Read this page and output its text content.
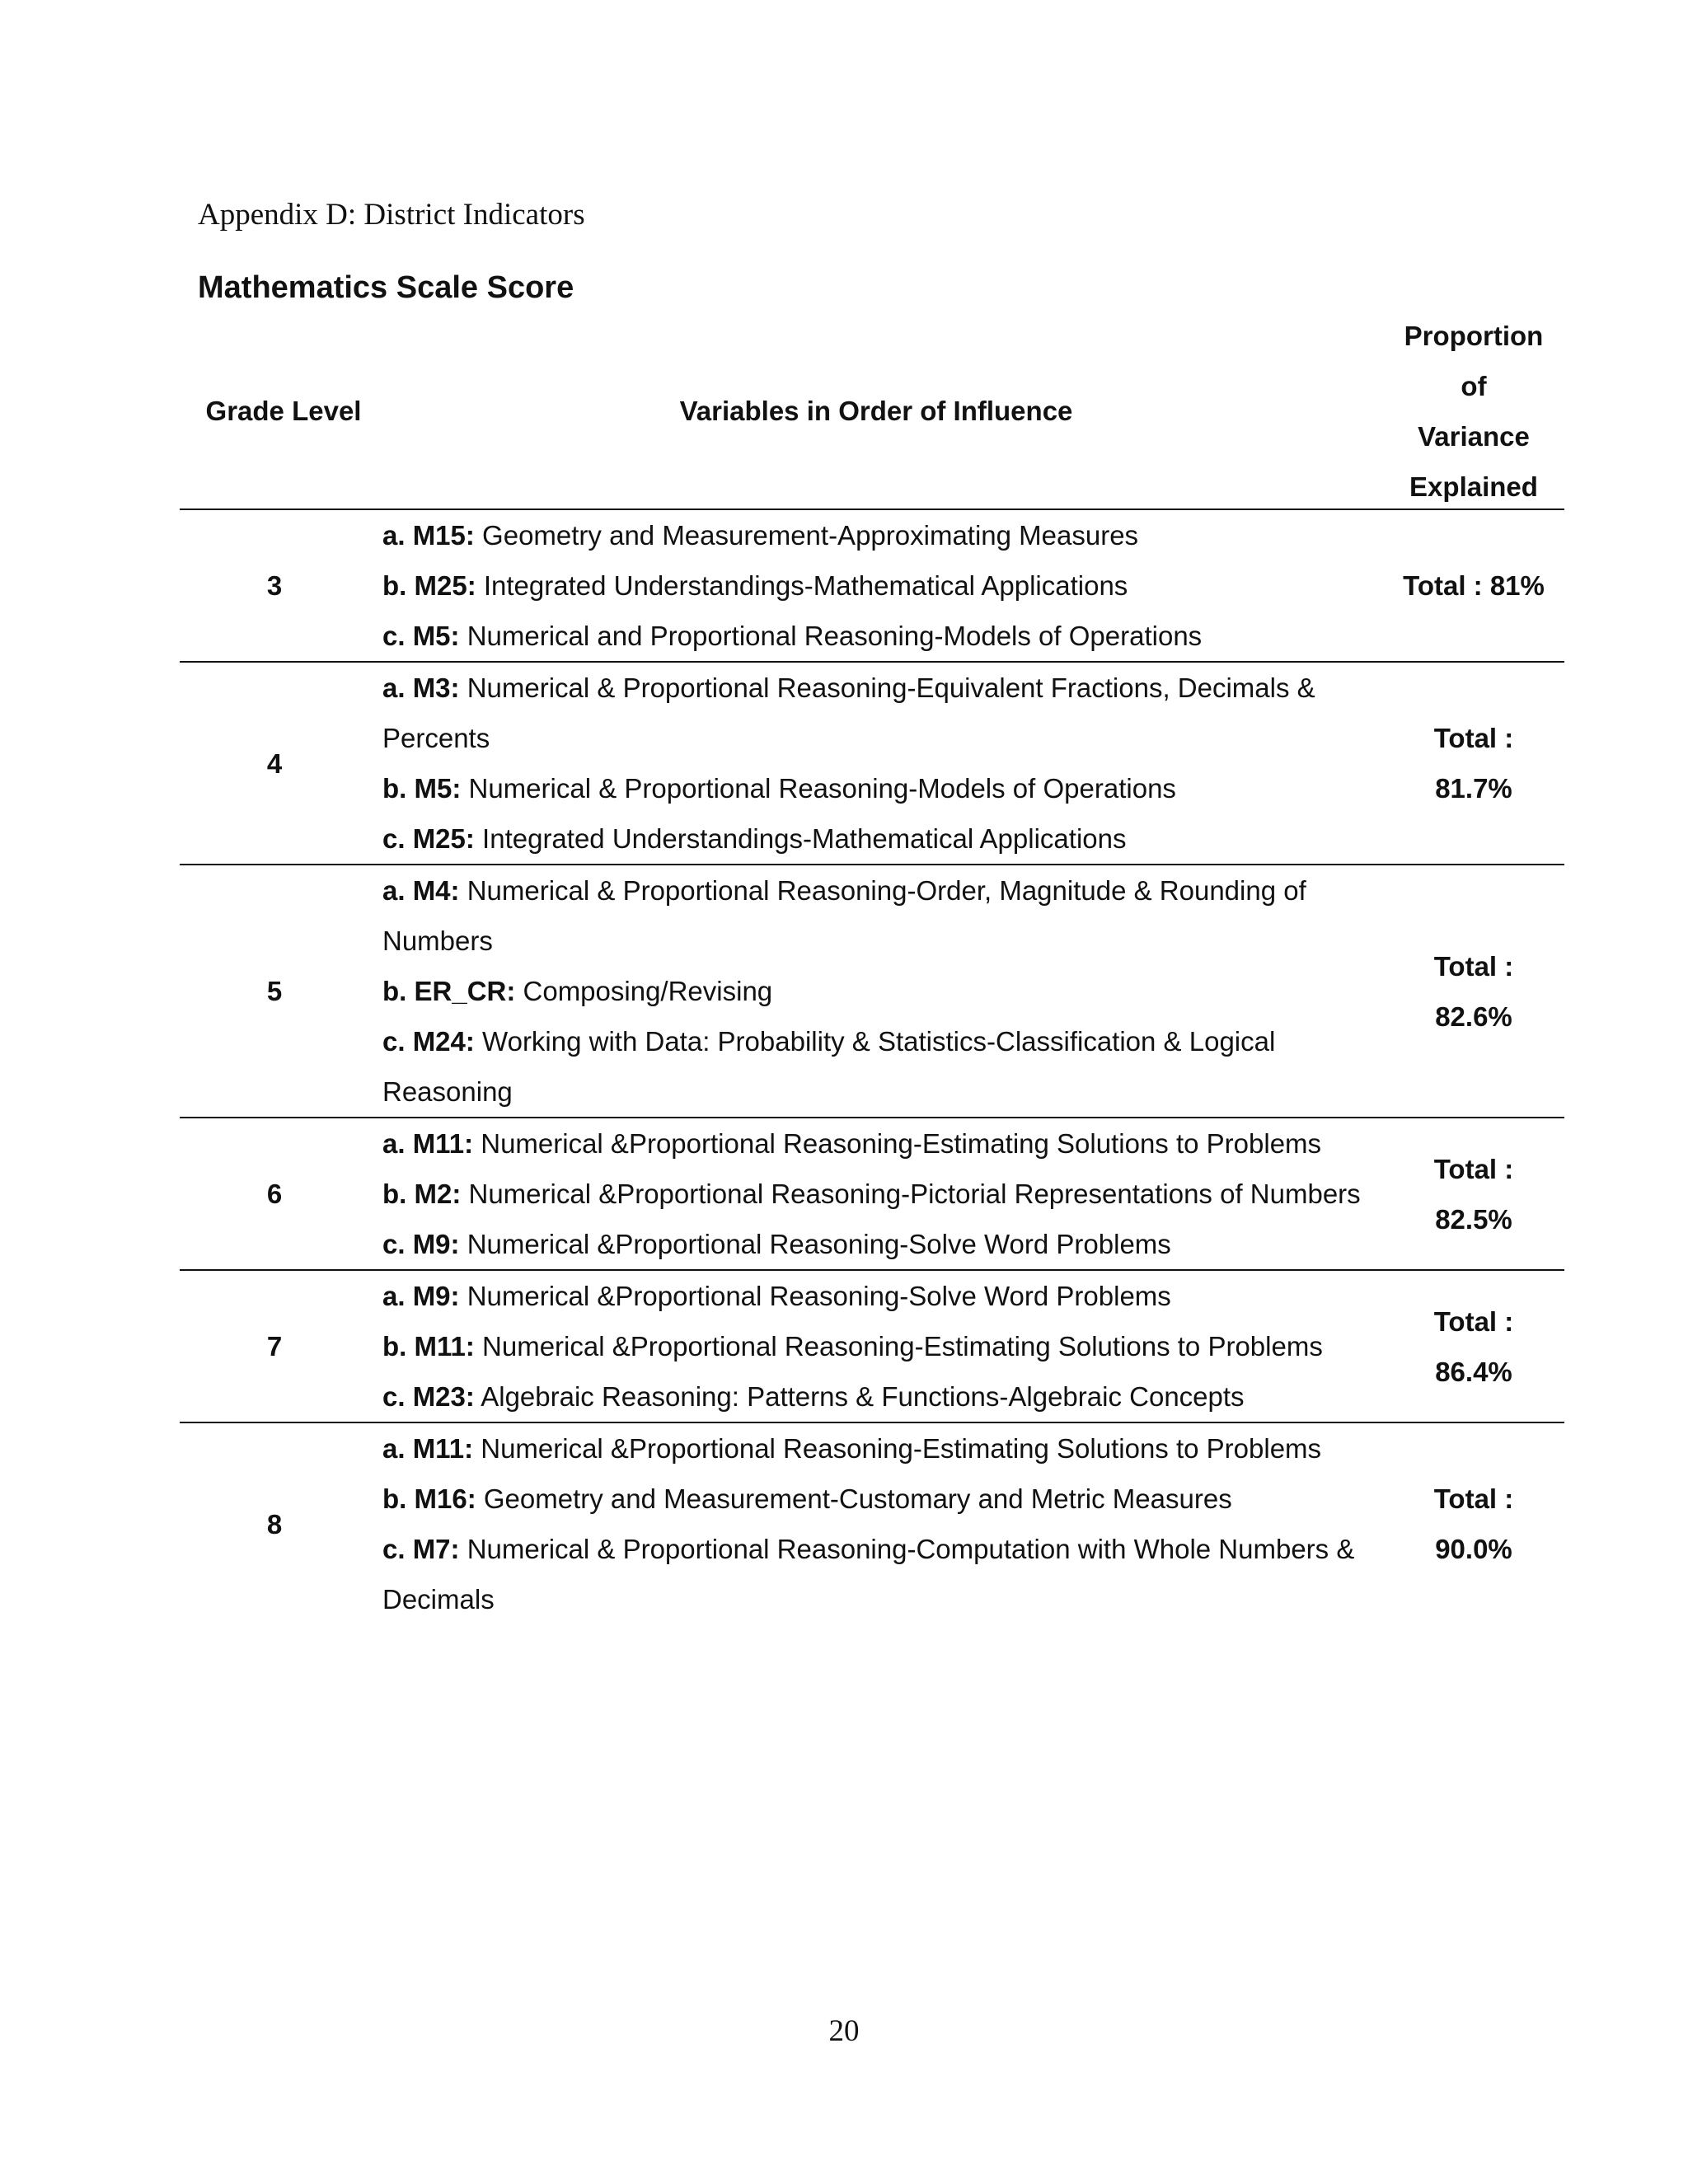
Appendix D: District Indicators
Mathematics Scale Score
Grade Level	Variables in Order of Influence
Proportion
of
Variance
Explained
3
a. M15: Geometry and Measurement-Approximating Measures
b. M25: Integrated Understandings-Mathematical Applications
c. M5: Numerical and Proportional Reasoning-Models of Operations
Total : 81%
4
a. M3: Numerical & Proportional Reasoning-Equivalent Fractions, Decimals & Percents
b. M5: Numerical & Proportional Reasoning-Models of Operations
c. M25: Integrated Understandings-Mathematical Applications
Total :
81.7%
5
a. M4: Numerical & Proportional Reasoning-Order, Magnitude & Rounding of Numbers
b. ER_CR: Composing/Revising
c. M24: Working with Data: Probability & Statistics-Classification & Logical Reasoning
Total :
82.6%
6
a. M11: Numerical &Proportional Reasoning-Estimating Solutions to Problems
b. M2: Numerical &Proportional Reasoning-Pictorial Representations of Numbers
c. M9: Numerical &Proportional Reasoning-Solve Word Problems
Total :
82.5%
7
a. M9: Numerical &Proportional Reasoning-Solve Word Problems
b. M11: Numerical &Proportional Reasoning-Estimating Solutions to Problems
c. M23: Algebraic Reasoning: Patterns & Functions-Algebraic Concepts
Total :
86.4%
8
a. M11: Numerical &Proportional Reasoning-Estimating Solutions to Problems
b. M16: Geometry and Measurement-Customary and Metric Measures
c. M7: Numerical & Proportional Reasoning-Computation with Whole Numbers & Decimals
Total :
90.0%
20
